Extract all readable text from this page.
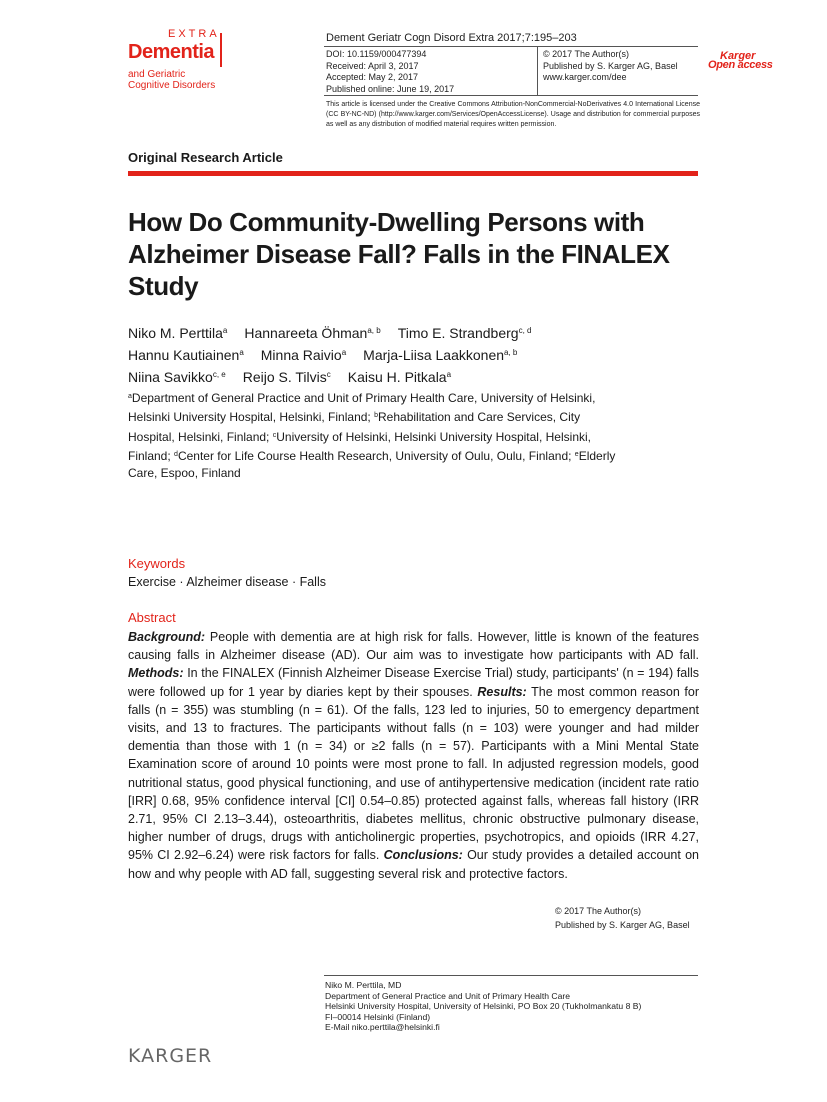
EXTRA
Dementia
and Geriatric
Cognitive Disorders
Dement Geriatr Cogn Disord Extra 2017;7:195–203
DOI: 10.1159/000477394
Received: April 3, 2017
Accepted: May 2, 2017
Published online: June 19, 2017
© 2017 The Author(s)
Published by S. Karger AG, Basel
www.karger.com/dee
Karger
Open access
This article is licensed under the Creative Commons Attribution-NonCommercial-NoDerivatives 4.0 International License (CC BY-NC-ND) (http://www.karger.com/Services/OpenAccessLicense). Usage and distribution for commercial purposes as well as any distribution of modified material requires written permission.
Original Research Article
How Do Community-Dwelling Persons with Alzheimer Disease Fall? Falls in the FINALEX Study
Niko M. Perttila$^a$ Hannareeta Öhman$^{a, b}$ Timo E. Strandberg$^{c, d}$
Hannu Kautiainen$^a$ Minna Raivio$^a$ Marja-Liisa Laakkonen$^{a, b}$
Niina Savikko$^{c, e}$ Reijo S. Tilvis$^c$ Kaisu H. Pitkala$^a$
$^a$Department of General Practice and Unit of Primary Health Care, University of Helsinki, Helsinki University Hospital, Helsinki, Finland; $^b$Rehabilitation and Care Services, City Hospital, Helsinki, Finland; $^c$University of Helsinki, Helsinki University Hospital, Helsinki, Finland; $^d$Center for Life Course Health Research, University of Oulu, Oulu, Finland; $^e$Elderly Care, Espoo, Finland
Keywords
Exercise · Alzheimer disease · Falls
Abstract
Background: People with dementia are at high risk for falls. However, little is known of the features causing falls in Alzheimer disease (AD). Our aim was to investigate how participants with AD fall. Methods: In the FINALEX (Finnish Alzheimer Disease Exercise Trial) study, participants' (n = 194) falls were followed up for 1 year by diaries kept by their spouses. Results: The most common reason for falls (n = 355) was stumbling (n = 61). Of the falls, 123 led to injuries, 50 to emergency department visits, and 13 to fractures. The participants without falls (n = 103) were younger and had milder dementia than those with 1 (n = 34) or ≥2 falls (n = 57). Participants with a Mini Mental State Examination score of around 10 points were most prone to fall. In adjusted regression models, good nutritional status, good physical functioning, and use of antihypertensive medication (incident rate ratio [IRR] 0.68, 95% confidence interval [CI] 0.54–0.85) protected against falls, whereas fall history (IRR 2.71, 95% CI 2.13–3.44), osteoarthritis, diabetes mellitus, chronic obstructive pulmonary disease, higher number of drugs, drugs with anticholinergic properties, psychotropics, and opioids (IRR 4.27, 95% CI 2.92–6.24) were risk factors for falls. Conclusions: Our study provides a detailed account on how and why people with AD fall, suggesting several risk and protective factors.
© 2017 The Author(s)
Published by S. Karger AG, Basel
Niko M. Perttila, MD
Department of General Practice and Unit of Primary Health Care
Helsinki University Hospital, University of Helsinki, PO Box 20 (Tukholmankatu 8 B)
FI–00014 Helsinki (Finland)
E-Mail niko.perttila@helsinki.fi
KARGER
